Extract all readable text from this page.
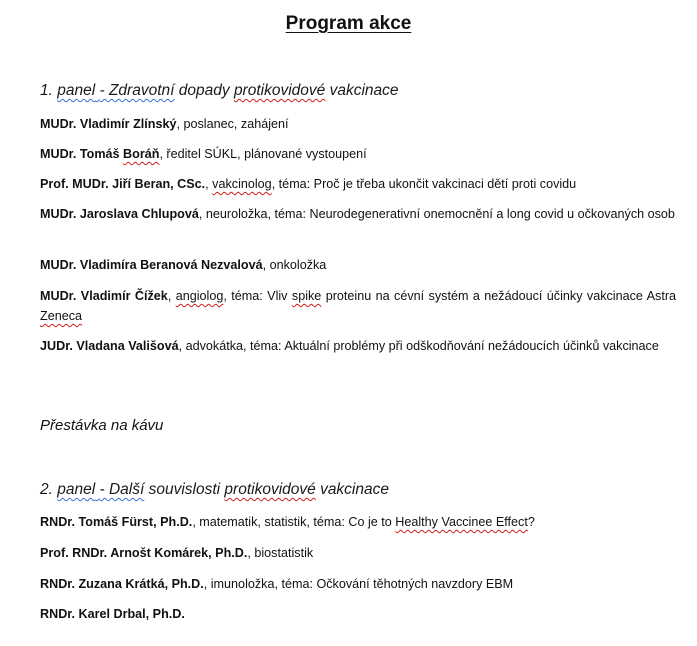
Program akce
1. panel - Zdravotní dopady protikovidové vakcinace
MUDr. Vladimír Zlínský, poslanec, zahájení
MUDr. Tomáš Boráň, ředitel SÚKL, plánované vystoupení
Prof. MUDr. Jiří Beran, CSc., vakcinolog, téma: Proč je třeba ukončit vakcinaci dětí proti covidu
MUDr. Jaroslava Chlupová, neuroložka, téma: Neurodegenerativní onemocnění a long covid u očkovaných osob
MUDr. Vladimíra Beranová Nezvalová, onkoložka
MUDr. Vladimír Čížek, angiolog, téma: Vliv spike proteinu na cévní systém a nežádoucí účinky vakcinace Astra Zeneca
JUDr. Vladana Vališová, advokátka, téma: Aktuální problémy při odškodňování nežádoucích účinků vakcinace
Přestávka na kávu
2. panel - Další souvislosti protikovidové vakcinace
RNDr. Tomáš Fürst, Ph.D., matematik, statistik, téma: Co je to Healthy Vaccinee Effect?
Prof. RNDr. Arnošt Komárek, Ph.D., biostatistik
RNDr. Zuzana Krátká, Ph.D., imunoložka, téma: Očkování těhotných navzdory EBM
RNDr. Karel Drbal, Ph.D.
